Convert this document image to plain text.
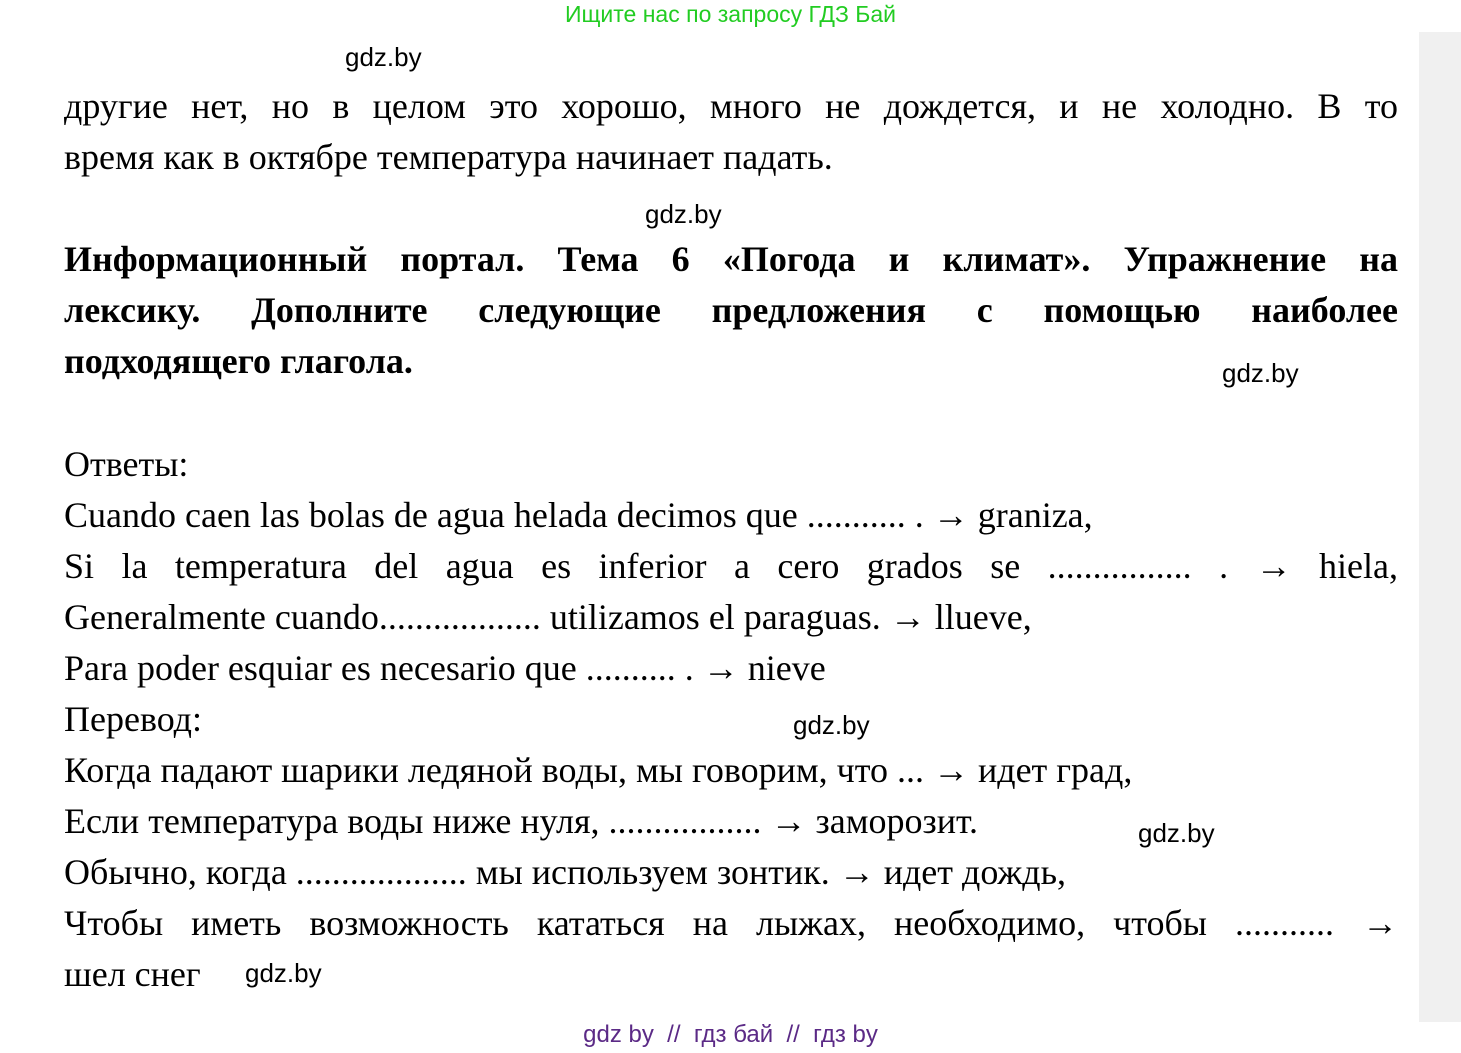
Ищите нас по запросу ГДЗ Бай
gdz.by
gdz.by
gdz.by
gdz.by
gdz.by
gdz.by
другие нет, но в целом это хорошо, много не дождется, и не холодно. В то
время как в октябре температура начинает падать.
Информационный портал. Тема 6 «Погода и климат». Упражнение на
лексику. Дополните следующие предложения с помощью наиболее
подходящего глагола.
Ответы:
Cuando caen las bolas de agua helada decimos que ........... . → graniza,
Si la temperatura del agua es inferior a cero grados se ................ . → hiela,
Generalmente cuando.................. utilizamos el paraguas. → llueve,
Para poder esquiar es necesario que .......... . → nieve
Перевод:
Когда падают шарики ледяной воды, мы говорим, что ... → идет град,
Если температура воды ниже нуля, ................. → заморозит.
Обычно, когда ................... мы используем зонтик. → идет дождь,
Чтобы иметь возможность кататься на лыжах, необходимо, чтобы ........... →
шел снег
gdz by  //  гдз бай  //  гдз by
